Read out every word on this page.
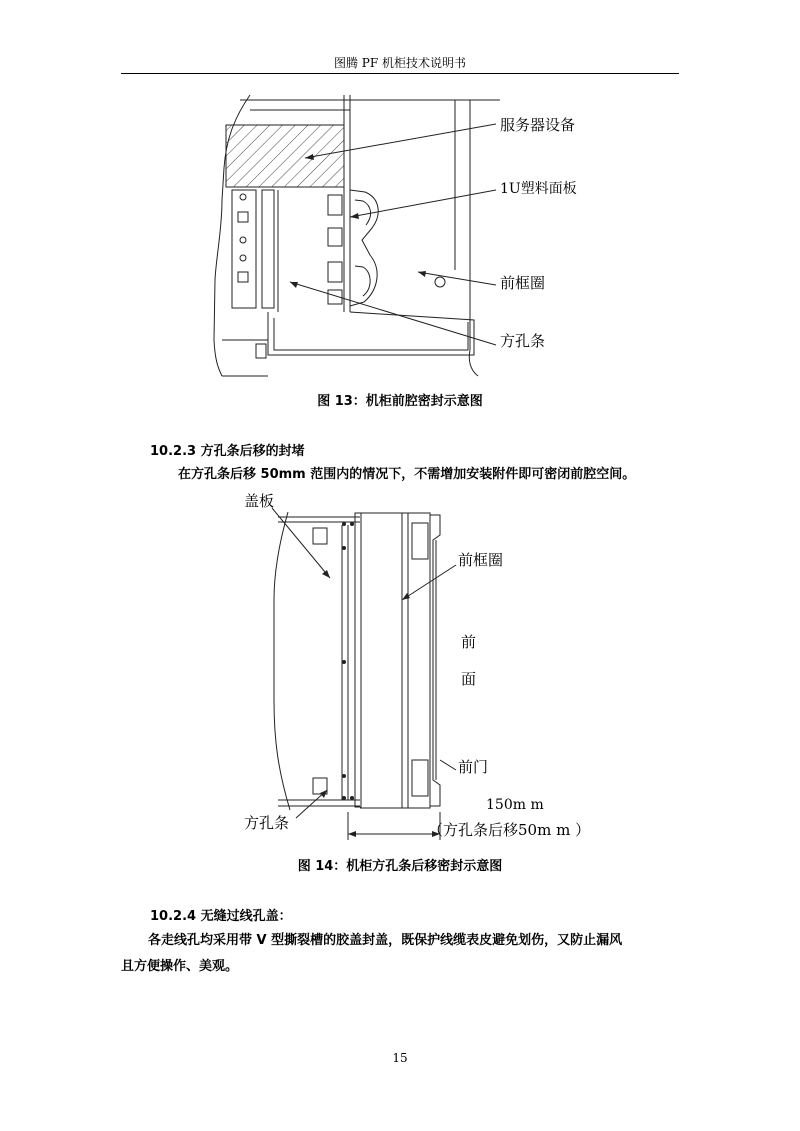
图腾 PF 机柜技术说明书
服务器设备
1U塑料面板
前框圈
方孔条
图 13：机柜前腔密封示意图
10.2.3 方孔条后移的封堵
在方孔条后移 50mm 范围内的情况下，不需增加安装附件即可密闭前腔空间。
盖板
前框圈
前
面
前门
150m m
方孔条	（方孔条后移50m m ）
图 14：机柜方孔条后移密封示意图
10.2.4 无缝过线孔盖：
各走线孔均采用带 V 型撕裂槽的胶盖封盖，既保护线缆表皮避免划伤，又防止漏风
且方便操作、美观。
15
